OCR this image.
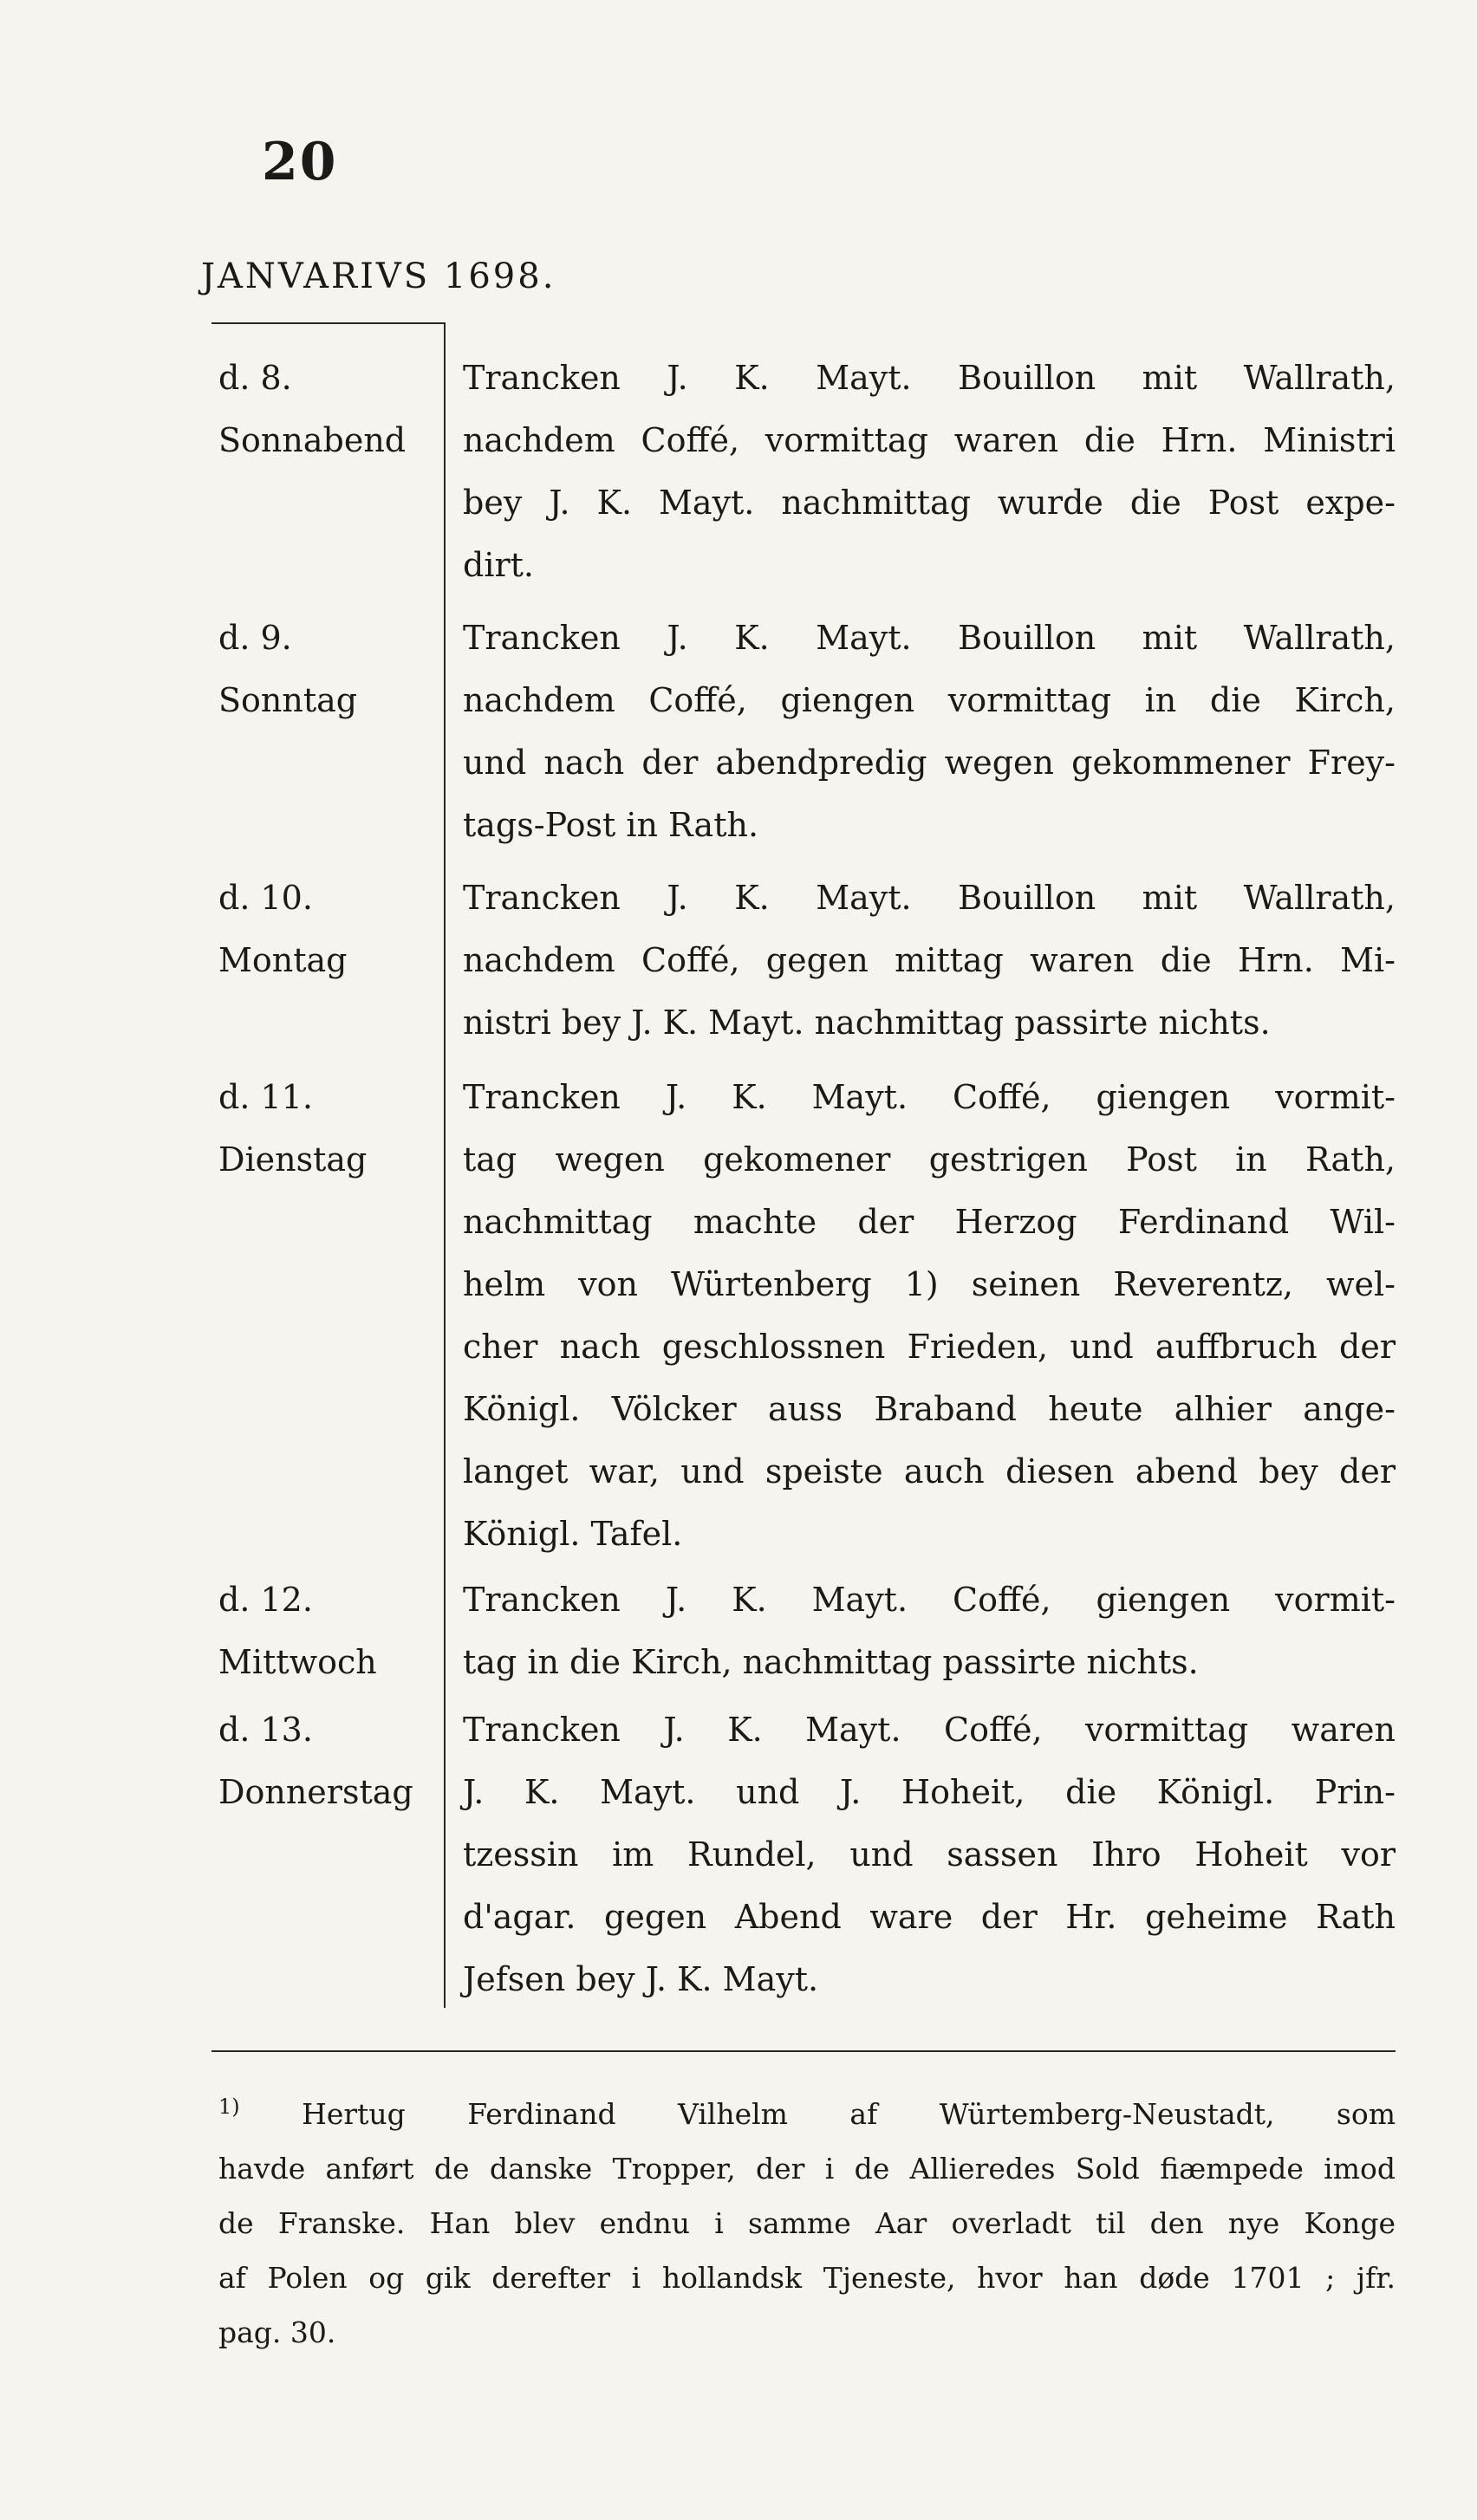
20
JANVARIVS 1698.
d. 8.
Sonnabend
Trancken J. K. Mayt. Bouillon mit Wallrath,
nachdem Coffé, vormittag waren die Hrn. Ministri
bey J. K. Mayt. nachmittag wurde die Post expe-
dirt.
d. 9.
Sonntag
Trancken J. K. Mayt. Bouillon mit Wallrath,
nachdem Coffé, giengen vormittag in die Kirch,
und nach der abendpredig wegen gekommener Frey-
tags-Post in Rath.
d. 10.
Montag
Trancken J. K. Mayt. Bouillon mit Wallrath,
nachdem Coffé, gegen mittag waren die Hrn. Mi-
nistri bey J. K. Mayt. nachmittag passirte nichts.
d. 11.
Dienstag
Trancken J. K. Mayt. Coffé, giengen vormit-
tag wegen gekomener gestrigen Post in Rath,
nachmittag machte der Herzog Ferdinand Wil-
helm von Würtenberg 1) seinen Reverentz, wel-
cher nach geschlossnen Frieden, und auffbruch der
Königl. Völcker auss Braband heute alhier ange-
langet war, und speiste auch diesen abend bey der
Königl. Tafel.
d. 12.
Mittwoch
Trancken J. K. Mayt. Coffé, giengen vormit-
tag in die Kirch, nachmittag passirte nichts.
d. 13.
Donnerstag
Trancken J. K. Mayt. Coffé, vormittag waren
J. K. Mayt. und J. Hoheit, die Königl. Prin-
tzessin im Rundel, und sassen Ihro Hoheit vor
d'agar. gegen Abend ware der Hr. geheime Rath
Jefsen bey J. K. Mayt.
$^{1)}$ Hertug Ferdinand Vilhelm af Würtemberg-Neustadt, som
havde anført de danske Tropper, der i de Allieredes Sold fiæmpede imod
de Franske. Han blev endnu i samme Aar overladt til den nye Konge
af Polen og gik derefter i hollandsk Tjeneste, hvor han døde 1701 ; jfr.
pag. 30.
